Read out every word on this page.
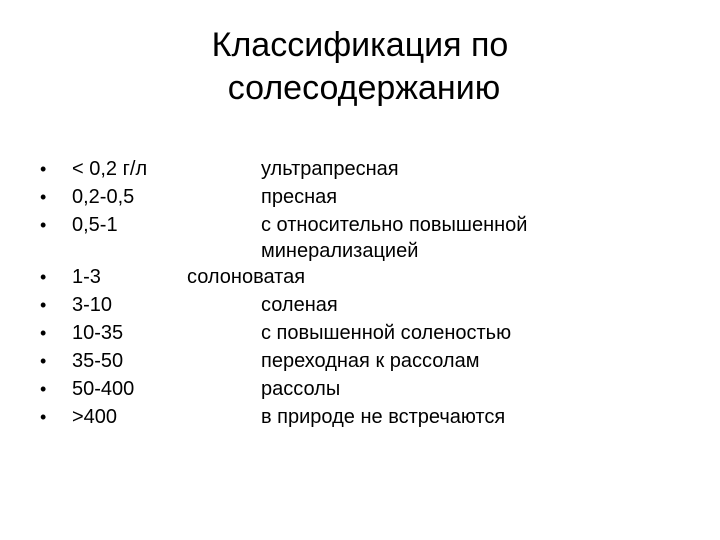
Классификация по
солесодержанию
• < 0,2 г/л	ультрапресная
• 0,2-0,5	пресная
• 0,5-1	с относительно повышенной
минерализацией
• 1-3	солоноватая
• 3-10	соленая
• 10-35	с повышенной соленостью
• 35-50	переходная к рассолам
• 50-400	рассолы
• >400	в природе не встречаются
